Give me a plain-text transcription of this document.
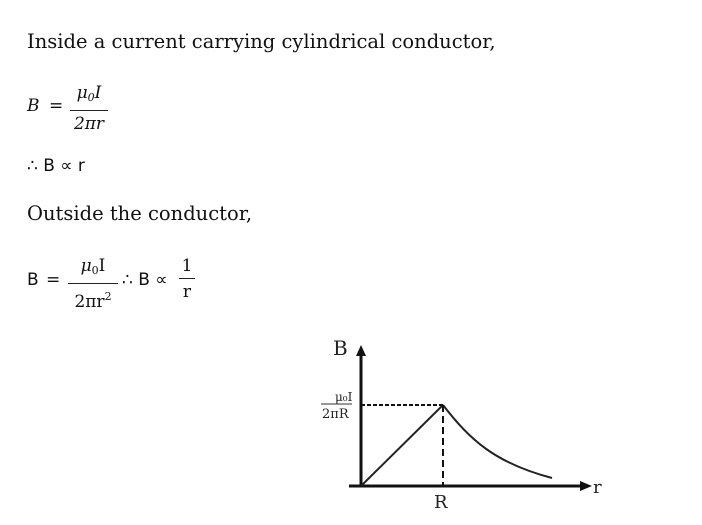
Inside a current carrying cylindrical conductor,
B =
$\mu_0I$
2πr
∴ B ∝ r
Outside the conductor,
B =
$\mu_0I$
$2\pi r^2$
∴ B ∝
1
r
B
r
R
μ₀I
2πR
